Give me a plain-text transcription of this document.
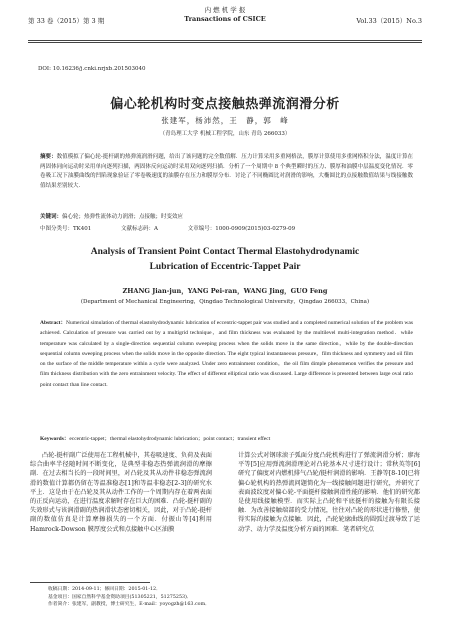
第 33 卷（2015）第 3 期
内 燃 机 学 报
Transactions of CSICE	Vol.33（2015）No.3
DOI: 10.16236/j.cnki.nrjxb.201503040
偏心轮机构时变点接触热弹流润滑分析
张建军，杨沛然，王　静，郭　峰
（青岛理工大学 机械工程学院，山东 青岛 266033）
摘要：数值模拟了偏心轮-挺杆副的热弹流润滑问题，给出了该问题的完全数值解．压力计算采用多重网格法，膜厚计算使用多重网格积分法，温度计算在两固体同向运动时采用单向逐列扫描，两固体反向运动时采用双向逐列扫描．分析了一个周期中 8 个典型瞬时的压力、膜厚和油膜中层温度变化情况．零卷吸工况下油膜曲线的凹陷现象验证了零卷吸速度的油膜存在压力和膜厚分布．讨论了不同椭圆比对润滑的影响，大椭圆比的点接触数值结果与线接触数值结果差别较大．
关键词：偏心轮；热弹性流体动力润滑；点接触；时变效应
中图分类号：TK401	文献标志码：A	文章编号：1000-0909(2015)03-0279-09
Analysis of Transient Point Contact Thermal Elastohydrodynamic
Lubrication of Eccentric-Tappet Pair
ZHANG Jian-jun，YANG Pei-ran，WANG Jing，GUO Feng
(Department of Mechanical Engineering，Qingdao Technological University，Qingdao 266033，China)
Abstract：Numerical simulation of thermal elastohydrodynamic lubrication of eccentric-tappet pair was studied and a completed numerical solution of the problem was achieved. Calculation of pressure was carried out by a multigrid technique，and film thickness was evaluated by the multilevel multi-integration method．while temperature was calculated by a single-direction sequential column sweeping process when the solids move in the same direction，while by the double-direction sequential column sweeping process when the solids move in the opposite direction. The eight typical instantaneous pressure，film thickness and symmetry and oil film on the surface of the middle temperature within a cycle were analyzed. Under zero entrainment condition，the oil film dimple phenomenon verifies the pressure and film thickness distribution with the zero entrainment velocity. The effect of different elliptical ratio was discussed. Large difference is presented between large oval ratio point contact than line contact.
Keywords：eccentric-tappet；thermal elastohydrodynamic lubrication；point contact；transient effect
凸轮-挺杆副广泛使用在工程机械中，其卷吸速度、负荷及表面综合曲率半径随时间不断变化，是典型非稳态热弹流润滑的摩擦副．在过去相当长的一段时间里，对凸轮及其从动件非稳态弹流润滑的数值计算都仍留在等温准稳态[1]和等温非稳态[2-3]的研究水平上．这是由于在凸轮及其从动件工作的一个周期内存在着两表面的正反向运动，在进行温度求解时存在巨大的困难．凸轮-挺杆副的失效形式与该润滑副的热润滑状态密切相关，因此，对于凸轮-挺杆副的数值仿真是计算摩擦损失的一个方面．付振山等[4]利用 Hamrock-Dowson 膜厚度公式和点接触中心区油膜
计算公式对钢球滚子弧面分度凸轮机构进行了弹流润滑分析；廖海平等[5]应用弹流润滑理论对凸轮基本尺寸进行设计；常秋英等[6]研究了偏度对内燃机排气凸轮/挺杆润滑的影响．王静等[8-10]已将偏心轮机构的热弹流问题简化为一线接触问题进行研究，并研究了表面波纹度对偏心轮-平面挺杆接触润滑性能的影响．他们的研究都是使用线接触模型．而实际上凸轮和平底挺杆的接触为有限长接触．为改善接触端部的受力情况，往往对凸轮的形状进行修整，使得实际的接触为点接触．因此，凸轮轮廓曲线的圆弧过渡导致了运动学、动力学及温度分析方面的困难．笔者研究点
收稿日期：2014-09-11；修回日期：2015-01-12．
基金项目：国家自然科学基金资助项目(51305221，51275253)．
作者简介：张建军，副教授，博士研究生，E-mail：yoyogzh@163.com．
